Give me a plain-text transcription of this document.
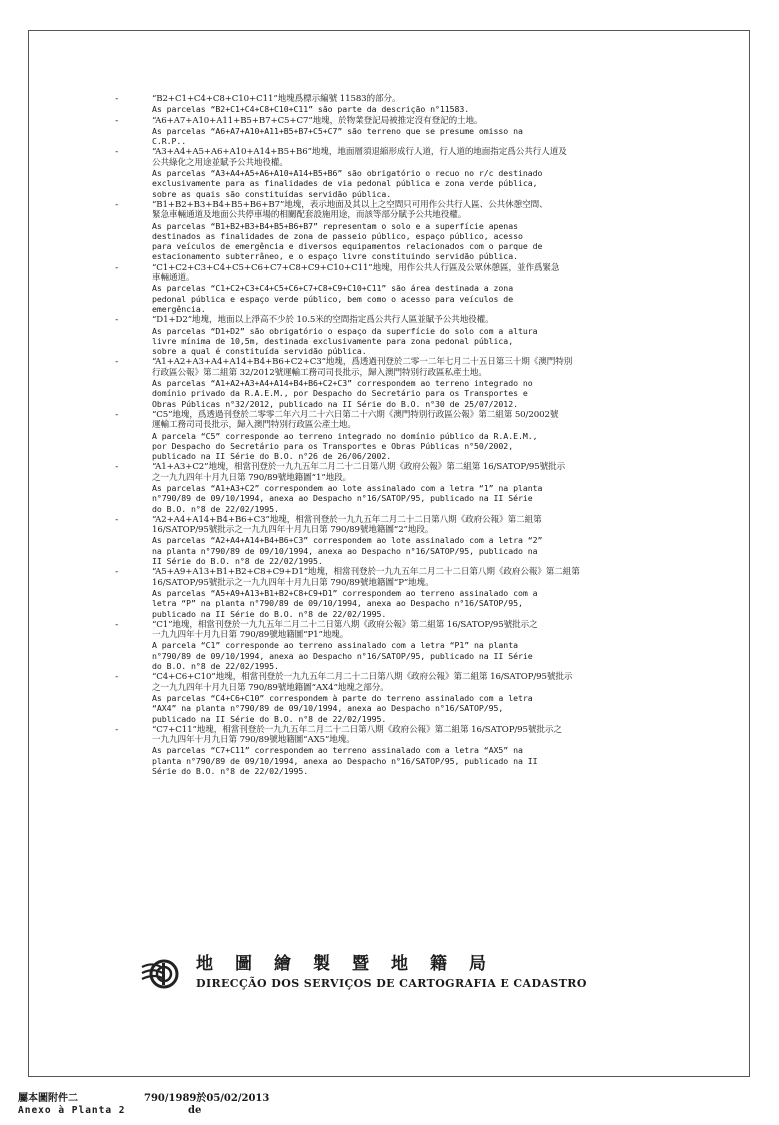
-	“B2+C1+C4+C8+C10+C11”地塊爲標示編號 11583的部分。
As parcelas “B2+C1+C4+C8+C10+C11” são parte da descrição n°11583.
-	“A6+A7+A10+A11+B5+B7+C5+C7”地塊，於物業登記局被推定沒有登記的土地。
As parcelas “A6+A7+A10+A11+B5+B7+C5+C7” são terreno que se presume omisso na
C.R.P..
-	“A3+A4+A5+A6+A10+A14+B5+B6”地塊，地面層須退縮形成行人道，行人道的地面指定爲公共行人道及
公共綠化之用途並賦予公共地役權。
As parcelas “A3+A4+A5+A6+A10+A14+B5+B6” são obrigatório o recuo no r/c destinado
exclusivamente para as finalidades de via pedonal pública e zona verde pública,
sobre as quais são constituídas servidão pública.
-	“B1+B2+B3+B4+B5+B6+B7”地塊，表示地面及其以上之空間只可用作公共行人區、公共休憩空間、
緊急車輛通道及地面公共停車場的相關配套設施用途，而該等部分賦予公共地役權。
As parcelas “B1+B2+B3+B4+B5+B6+B7” representam o solo e a superfície apenas
destinados as finalidades de zona de passeio público, espaço público, acesso
para veículos de emergência e diversos equipamentos relacionados com o parque de
estacionamento subterrâneo, e o espaço livre constituindo servidão pública.
-	“C1+C2+C3+C4+C5+C6+C7+C8+C9+C10+C11”地塊，用作公共人行區及公眾休憩區，並作爲緊急
車輛通道。
As parcelas “C1+C2+C3+C4+C5+C6+C7+C8+C9+C10+C11” são área destinada a zona
pedonal pública e espaço verde público, bem como o acesso para veículos de
emergência.
-	“D1+D2”地塊，地面以上淨高不少於 10.5米的空間指定爲公共行人區並賦予公共地役權。
As parcelas “D1+D2” são obrigatório o espaço da superfície do solo com a altura
livre mínima de 10,5m, destinada exclusivamente para zona pedonal pública,
sobre a qual é constituída servidão pública.
-	“A1+A2+A3+A4+A14+B4+B6+C2+C3”地塊，爲透過刊登於二零一二年七月二十五日第三十期《澳門特別
行政區公報》第二組第 32/2012號運輸工務司司長批示，歸入澳門特別行政區私產土地。
As parcelas “A1+A2+A3+A4+A14+B4+B6+C2+C3” correspondem ao terreno integrado no
domínio privado da R.A.E.M., por Despacho do Secretário para os Transportes e
Obras Públicas n°32/2012, publicado na II Série do B.O. n°30 de 25/07/2012.
-	“C5”地塊，爲透過刊登於二零零二年六月二十六日第二十六期《澳門特別行政區公報》第二組第 50/2002號
運輸工務司司長批示，歸入澳門特別行政區公產土地。
A parcela “C5” corresponde ao terreno integrado no domínio público da R.A.E.M.,
por Despacho do Secretário para os Transportes e Obras Públicas n°50/2002,
publicado na II Série do B.O. n°26 de 26/06/2002.
-	“A1+A3+C2”地塊，相當刊登於一九九五年二月二十二日第八期《政府公報》第二組第 16/SATOP/95號批示
之一九九四年十月九日第 790/89號地籍圖“1”地段。
As parcelas “A1+A3+C2” correspondem ao lote assinalado com a letra “1” na planta
n°790/89 de 09/10/1994, anexa ao Despacho n°16/SATOP/95, publicado na II Série
do B.O. n°8 de 22/02/1995.
-	“A2+A4+A14+B4+B6+C3”地塊，相當刊登於一九九五年二月二十二日第八期《政府公報》第二組第
16/SATOP/95號批示之一九九四年十月九日第 790/89號地籍圖“2”地段。
As parcelas “A2+A4+A14+B4+B6+C3” correspondem ao lote assinalado com a letra “2”
na planta n°790/89 de 09/10/1994, anexa ao Despacho n°16/SATOP/95, publicado na
II Série do B.O. n°8 de 22/02/1995.
-	“A5+A9+A13+B1+B2+C8+C9+D1”地塊，相當刊登於一九九五年二月二十二日第八期《政府公報》第二組第
16/SATOP/95號批示之一九九四年十月九日第 790/89號地籍圖“P”地塊。
As parcelas “A5+A9+A13+B1+B2+C8+C9+D1” correspondem ao terreno assinalado com a
letra “P” na planta n°790/89 de 09/10/1994, anexa ao Despacho n°16/SATOP/95,
publicado na II Série do B.O. n°8 de 22/02/1995.
-	“C1”地塊，相當刊登於一九九五年二月二十二日第八期《政府公報》第二組第 16/SATOP/95號批示之
一九九四年十月九日第 790/89號地籍圖“P1”地塊。
A parcela “C1” corresponde ao terreno assinalado com a letra “P1” na planta
n°790/89 de 09/10/1994, anexa ao Despacho n°16/SATOP/95, publicado na II Série
do B.O. n°8 de 22/02/1995.
-	“C4+C6+C10”地塊，相當刊登於一九九五年二月二十二日第八期《政府公報》第二組第 16/SATOP/95號批示
之一九九四年十月九日第 790/89號地籍圖“AX4”地塊之部分。
As parcelas “C4+C6+C10” correspondem à parte do terreno assinalado com a letra
“AX4” na planta n°790/89 de 09/10/1994, anexa ao Despacho n°16/SATOP/95,
publicado na II Série do B.O. n°8 de 22/02/1995.
-	“C7+C11”地塊，相當刊登於一九九五年二月二十二日第八期《政府公報》第二組第 16/SATOP/95號批示之
一九九四年十月九日第 790/89號地籍圖“AX5”地塊。
As parcelas “C7+C11” correspondem ao terreno assinalado com a letra “AX5” na
planta n°790/89 de 09/10/1994, anexa ao Despacho n°16/SATOP/95, publicado na II
Série do B.O. n°8 de 22/02/1995.
地圖繪製暨地籍局
DIRECÇÃO DOS SERVIÇOS DE CARTOGRAFIA E CADASTRO
屬本圖附件二
Anexo à Planta 2
790/1989於05/02/2013
de
